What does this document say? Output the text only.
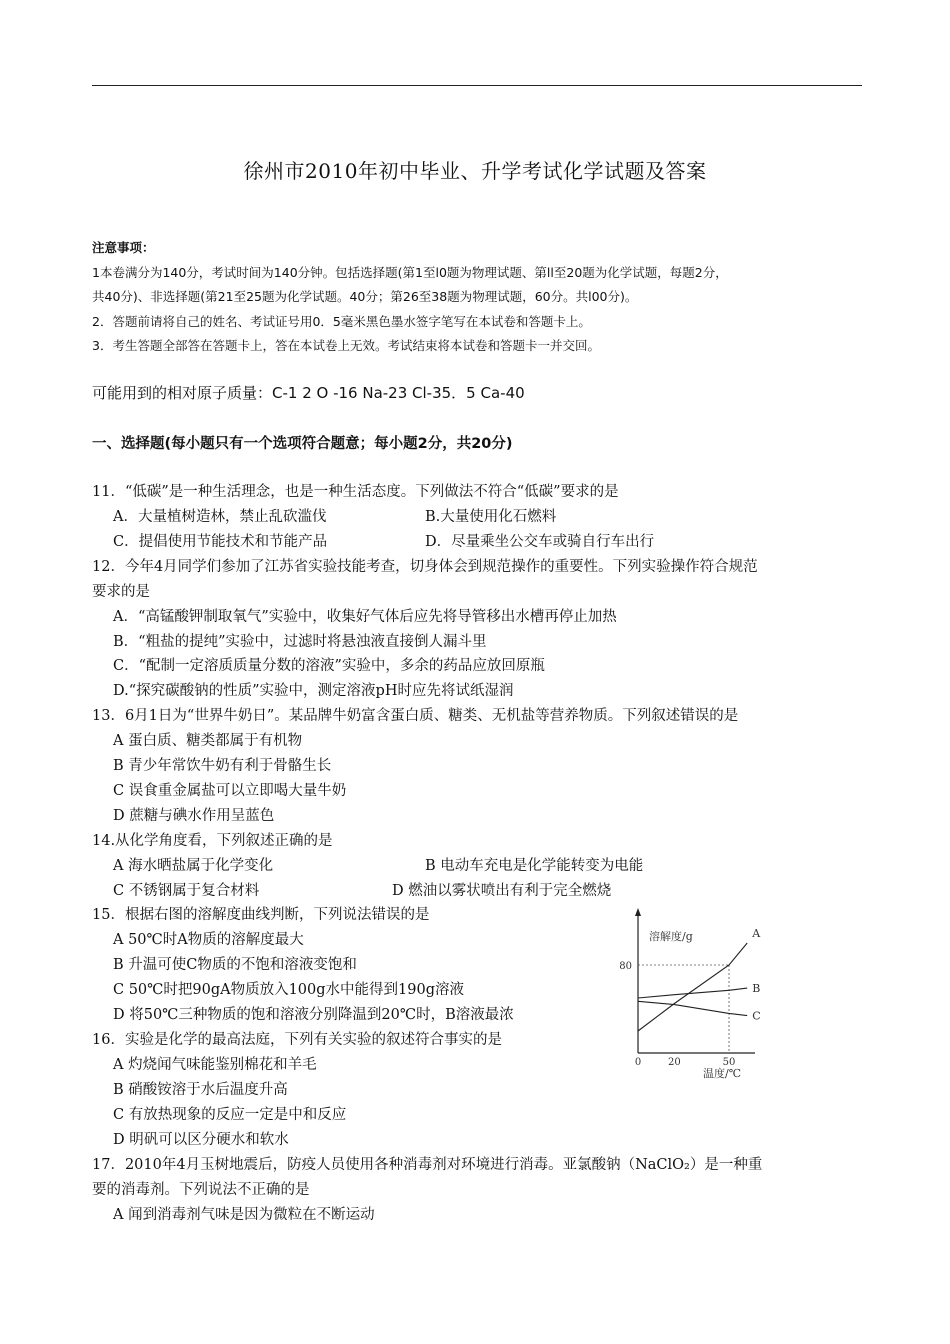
徐州市2010年初中毕业、升学考试化学试题及答案
注意事项：
1本卷满分为140分，考试时间为140分钟。包括选择题(第1至l0题为物理试题、第ll至20题为化学试题，每题2分，
共40分)、非选择题(第21至25题为化学试题。40分；第26至38题为物理试题，60分。共l00分)。
2．答题前请将自己的姓名、考试证号用0．5毫米黑色墨水签字笔写在本试卷和答题卡上。
3．考生答题全部答在答题卡上，答在本试卷上无效。考试结束将本试卷和答题卡一并交回。
可能用到的相对原子质量：C-1 2 O -16 Na-23 Cl-35．5 Ca-40
一、选择题(每小题只有一个选项符合题意；每小题2分，共20分)
11．“低碳”是一种生活理念，也是一种生活态度。下列做法不符合“低碳”要求的是
A．大量植树造林，禁止乱砍滥伐	B.大量使用化石燃料
C．提倡使用节能技术和节能产品	D．尽量乘坐公交车或骑自行车出行
12．今年4月同学们参加了江苏省实验技能考查，切身体会到规范操作的重要性。下列实验操作符合规范
要求的是
A．“高锰酸钾制取氧气”实验中，收集好气体后应先将导管移出水槽再停止加热
B．“粗盐的提纯”实验中，过滤时将悬浊液直接倒人漏斗里
C．“配制一定溶质质量分数的溶液”实验中，多余的药品应放回原瓶
D.“探究碳酸钠的性质”实验中，测定溶液pH时应先将试纸湿润
13．6月1日为“世界牛奶日”。某品牌牛奶富含蛋白质、糖类、无机盐等营养物质。下列叙述错误的是
A 蛋白质、糖类都属于有机物
B 青少年常饮牛奶有利于骨骼生长
C 误食重金属盐可以立即喝大量牛奶
D 蔗糖与碘水作用呈蓝色
14.从化学角度看，下列叙述正确的是
A 海水晒盐属于化学变化	B 电动车充电是化学能转变为电能
C 不锈钢属于复合材料	D 燃油以雾状喷出有利于完全燃烧
15．根据右图的溶解度曲线判断，下列说法错误的是
A 50℃时A物质的溶解度最大
B 升温可使C物质的不饱和溶液变饱和
C 50℃时把90gA物质放入100g水中能得到190g溶液
D 将50℃三种物质的饱和溶液分别降温到20℃时，B溶液最浓
16．实验是化学的最高法庭，下列有关实验的叙述符合事实的是
A 灼烧闻气味能鉴别棉花和羊毛
B 硝酸铵溶于水后温度升高
C 有放热现象的反应一定是中和反应
D 明矾可以区分硬水和软水
17．2010年4月玉树地震后，防疫人员使用各种消毒剂对环境进行消毒。亚氯酸钠（NaClO₂）是一种重
要的消毒剂。下列说法不正确的是
A 闻到消毒剂气味是因为微粒在不断运动
溶解度/g
温度/℃
0	20	50
80
A
B
C
